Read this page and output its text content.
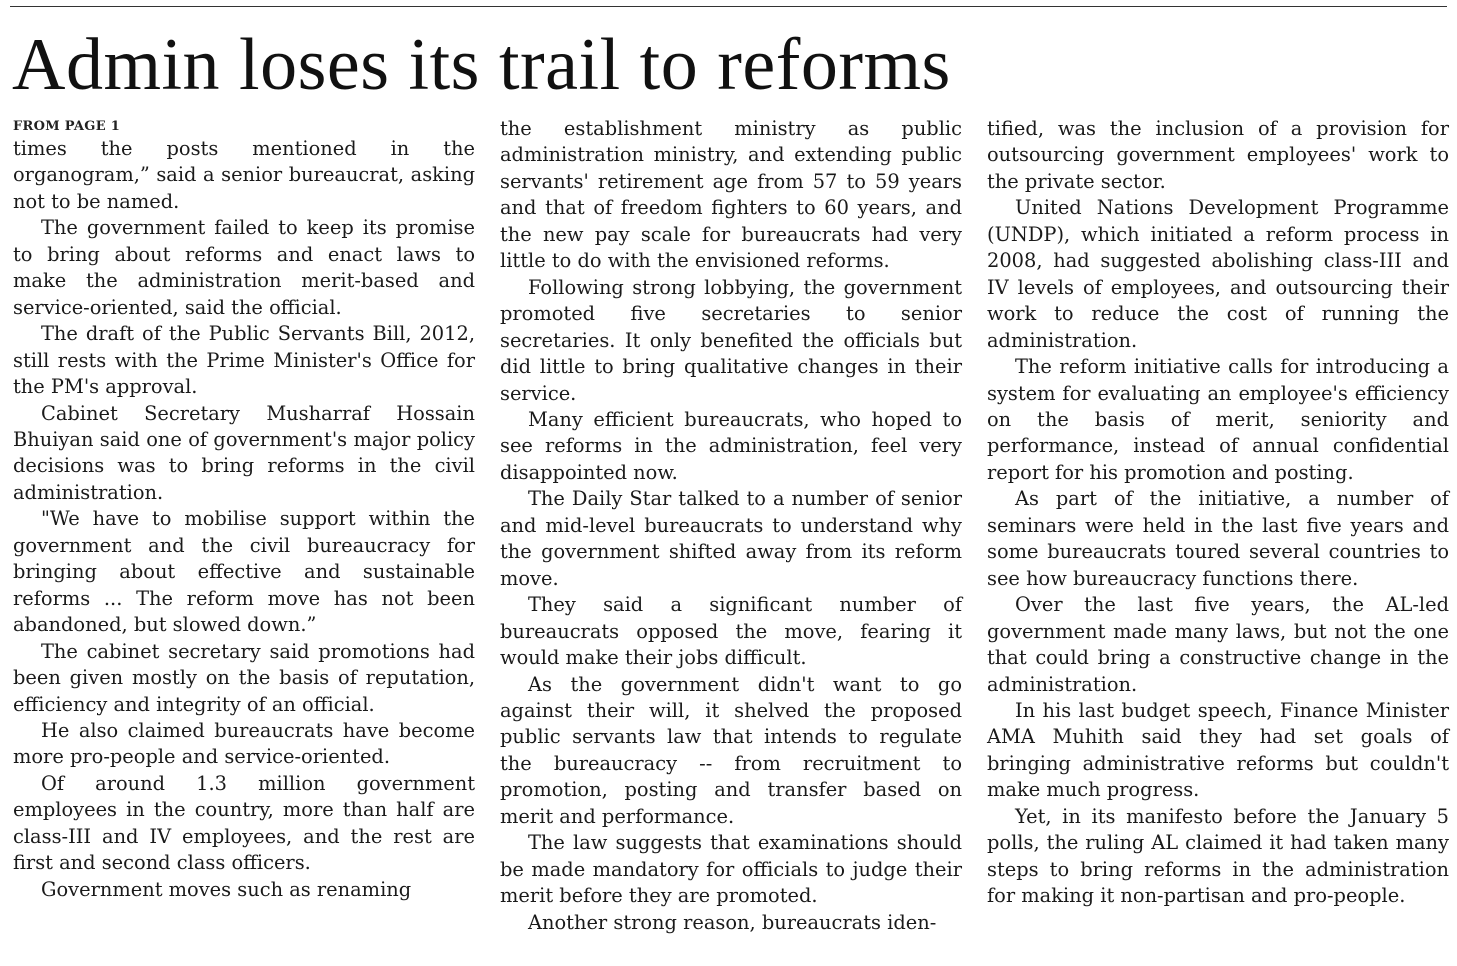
Admin loses its trail to reforms
FROM PAGE 1

times the posts mentioned in the organogram,” said a senior bureaucrat, asking not to be named.

The government failed to keep its promise to bring about reforms and enact laws to make the administration merit-based and service-oriented, said the official.

The draft of the Public Servants Bill, 2012, still rests with the Prime Minister's Office for the PM's approval.

Cabinet Secretary Musharraf Hossain Bhuiyan said one of government's major policy decisions was to bring reforms in the civil administration.

"We have to mobilise support within the government and the civil bureaucracy for bringing about effective and sustainable reforms ... The reform move has not been abandoned, but slowed down.”

The cabinet secretary said promotions had been given mostly on the basis of reputation, efficiency and integrity of an official.

He also claimed bureaucrats have become more pro-people and service-oriented.

Of around 1.3 million government employees in the country, more than half are class-III and IV employees, and the rest are first and second class officers.

Government moves such as renaming

the establishment ministry as public administration ministry, and extending public servants' retirement age from 57 to 59 years and that of freedom fighters to 60 years, and the new pay scale for bureaucrats had very little to do with the envisioned reforms.

Following strong lobbying, the government promoted five secretaries to senior secretaries. It only benefited the officials but did little to bring qualitative changes in their service.

Many efficient bureaucrats, who hoped to see reforms in the administration, feel very disappointed now.

The Daily Star talked to a number of senior and mid-level bureaucrats to understand why the government shifted away from its reform move.

They said a significant number of bureaucrats opposed the move, fearing it would make their jobs difficult.

As the government didn't want to go against their will, it shelved the proposed public servants law that intends to regulate the bureaucracy -- from recruitment to promotion, posting and transfer based on merit and performance.

The law suggests that examinations should be made mandatory for officials to judge their merit before they are promoted.

Another strong reason, bureaucrats iden-

tified, was the inclusion of a provision for outsourcing government employees' work to the private sector.

United Nations Development Programme (UNDP), which initiated a reform process in 2008, had suggested abolishing class-III and IV levels of employees, and outsourcing their work to reduce the cost of running the administration.

The reform initiative calls for introducing a system for evaluating an employee's efficiency on the basis of merit, seniority and performance, instead of annual confidential report for his promotion and posting.

As part of the initiative, a number of seminars were held in the last five years and some bureaucrats toured several countries to see how bureaucracy functions there.

Over the last five years, the AL-led government made many laws, but not the one that could bring a constructive change in the administration.

In his last budget speech, Finance Minister AMA Muhith said they had set goals of bringing administrative reforms but couldn't make much progress.

Yet, in its manifesto before the January 5 polls, the ruling AL claimed it had taken many steps to bring reforms in the administration for making it non-partisan and pro-people.
